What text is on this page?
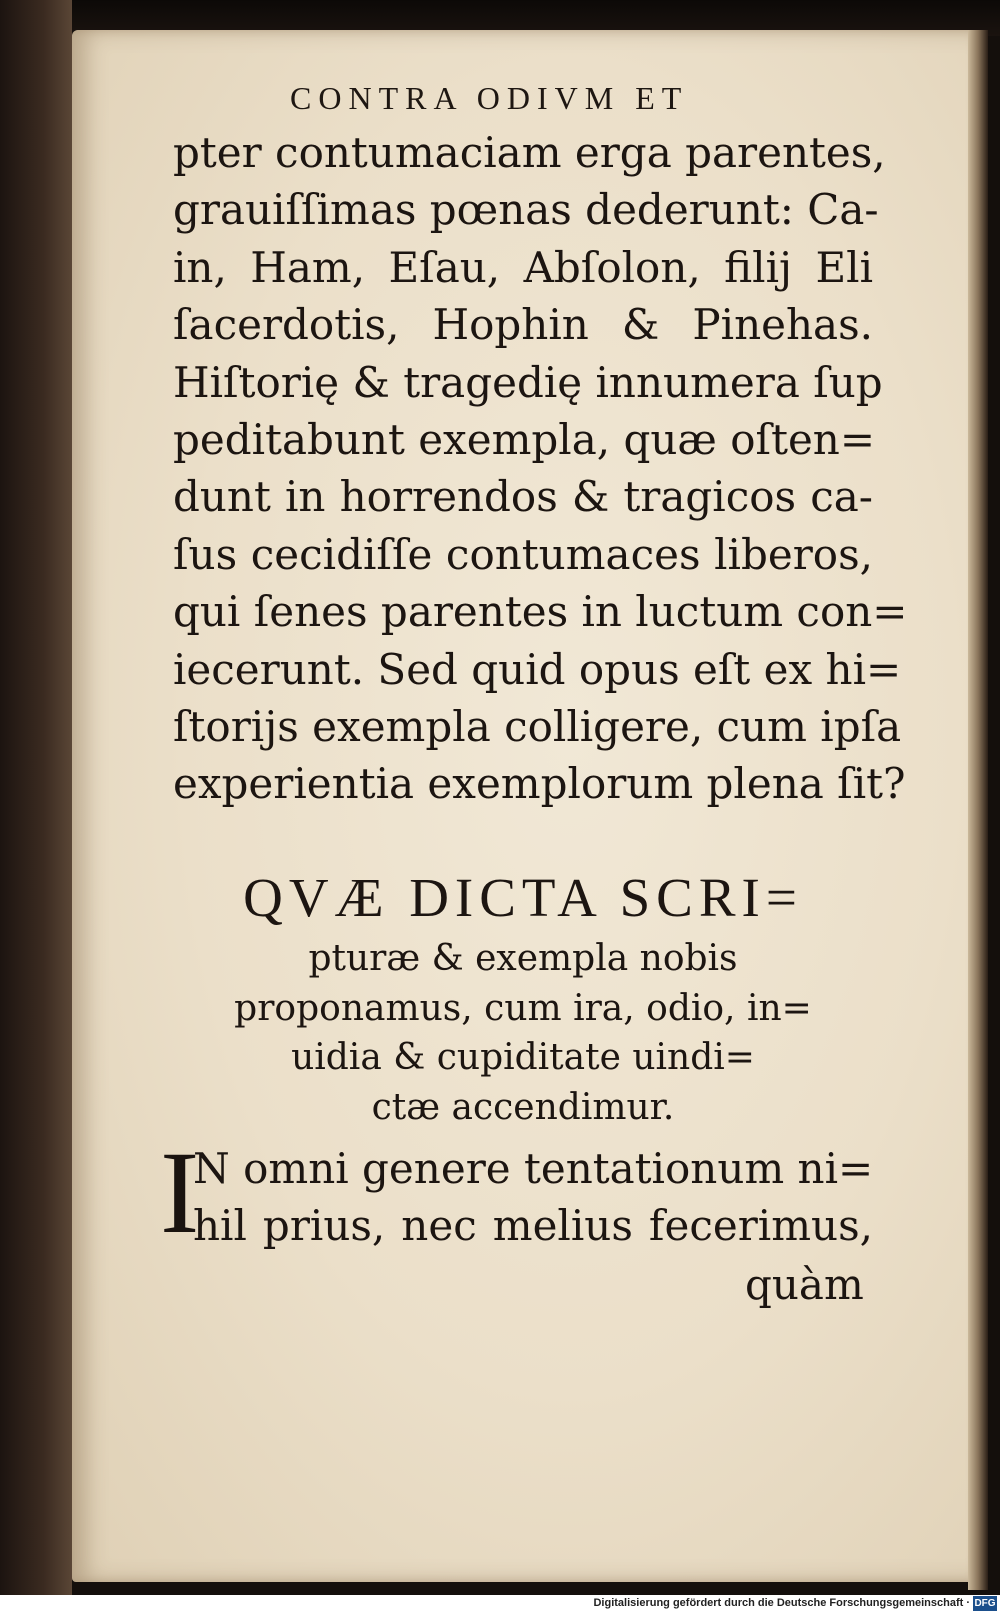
CONTRA ODIVM ET
pter contumaciam erga parentes,
grauiſſimas pœnas dederunt: Ca-
in, Ham, Eſau, Abſolon, filij Eli
ſacerdotis, Hophin & Pinehas.
Hiſtorię & tragedię innumera ſup
peditabunt exempla, quæ oſten=
dunt in horrendos & tragicos ca-
ſus cecidiſſe contumaces liberos,
qui ſenes parentes in luctum con=
iecerunt. Sed quid opus eſt ex hi=
ſtorijs exempla colligere, cum ipſa
experientia exemplorum plena ſit?
QVÆ DICTA SCRI=
pturæ & exempla nobis
proponamus, cum ira, odio, in=
uidia & cupiditate uindi=
ctæ accendimur.
I
N omni genere tentationum ni=
hil prius, nec melius fecerimus,
quàm
Digitalisierung gefördert durch die Deutsche Forschungsgemeinschaft · DFG
